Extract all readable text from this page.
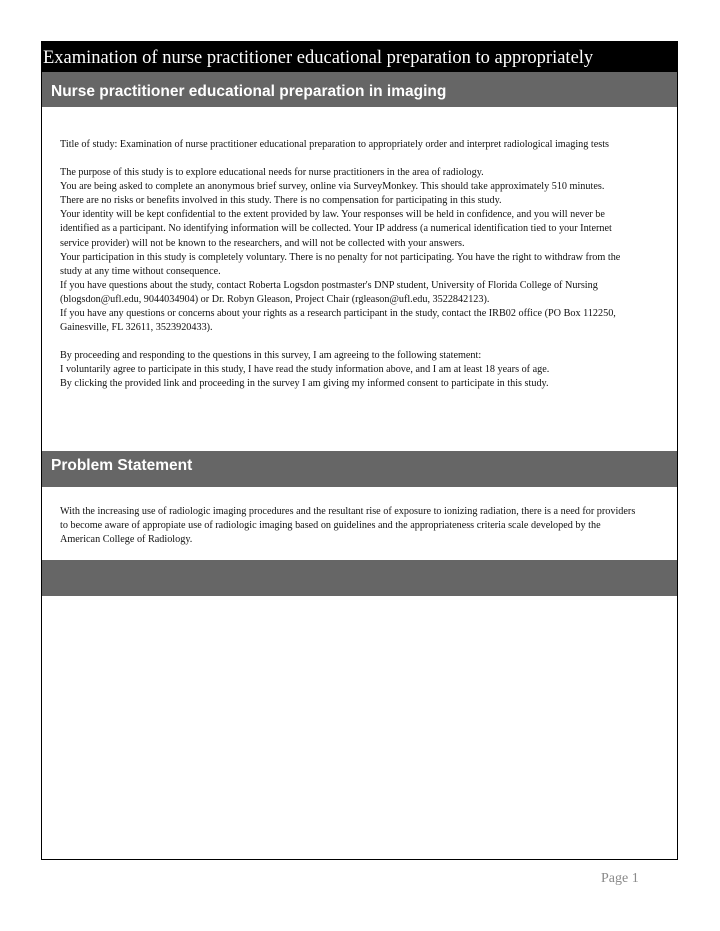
Examination of nurse practitioner educational preparation to appropriately
Nurse practitioner educational preparation in imaging

Title of study: Examination of nurse practitioner educational preparation to appropriately order and interpret radiological imaging tests

The purpose of this study is to explore educational needs for nurse practitioners in the area of radiology.

You are being asked to complete an anonymous brief survey, online via SurveyMonkey. This should take approximately 510 minutes.

There are no risks or benefits involved in this study. There is no compensation for participating in this study.

Your identity will be kept confidential to the extent provided by law. Your responses will be held in confidence, and you will never be identified as a participant. No identifying information will be collected. Your IP address (a numerical identification tied to your Internet service provider) will not be known to the researchers, and will not be collected with your answers.

Your participation in this study is completely voluntary. There is no penalty for not participating. You have the right to withdraw from the study at any time without consequence.

If you have questions about the study, contact Roberta Logsdon postmaster's DNP student, University of Florida College of Nursing (blogsdon@ufl.edu, 9044034904) or Dr. Robyn Gleason, Project Chair (rgleason@ufl.edu, 3522842123).

If you have any questions or concerns about your rights as a research participant in the study, contact the IRB02 office (PO Box 112250, Gainesville, FL 32611, 3523920433).

By proceeding and responding to the questions in this survey, I am agreeing to the following statement:

I voluntarily agree to participate in this study, I have read the study information above, and I am at least 18 years of age.

By clicking the provided link and proceeding in the survey I am giving my informed consent to participate in this study.

Problem Statement

With the increasing use of radiologic imaging procedures and the resultant rise of exposure to ionizing radiation, there is a need for providers to become aware of appropiate use of radiologic imaging based on guidelines and the appropriateness criteria scale developed by the American College of Radiology.

Page 1
